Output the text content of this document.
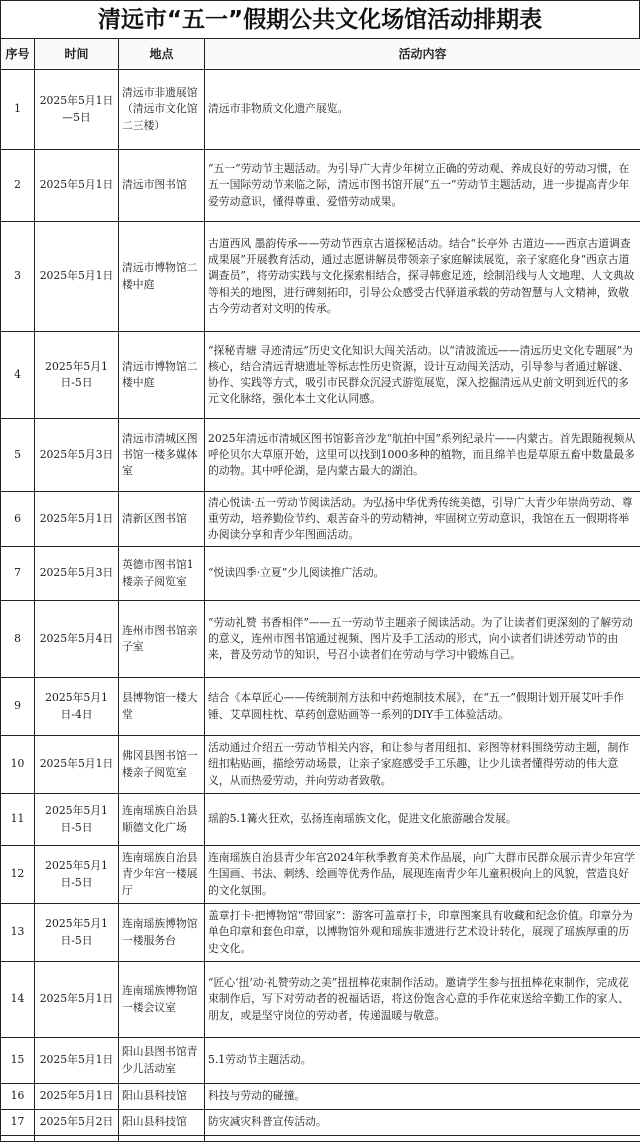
清远市“五一”假期公共文化场馆活动排期表
序号	时间	地点	活动内容
1	2025年5月1日—5日	清远市非遗展馆（清远市文化馆二三楼）	清远市非物质文化遗产展览。
2	2025年5月1日	清远市图书馆	“五一”劳动节主题活动。为引导广大青少年树立正确的劳动观、养成良好的劳动习惯，在五一国际劳动节来临之际，清远市图书馆开展“五一”劳动节主题活动，进一步提高青少年爱劳动意识，懂得尊重、爱惜劳动成果。
3	2025年5月1日	清远市博物馆二楼中庭	古道西风 墨韵传承——劳动节西京古道探秘活动。结合“长亭外 古道边——西京古道调查成果展”开展教育活动，通过志愿讲解员带领亲子家庭解读展览，亲子家庭化身“西京古道调查员”，将劳动实践与文化探索相结合，探寻韩愈足迹，绘制沿线与人文地理、人文典故等相关的地图，进行碑刻拓印，引导公众感受古代驿道承载的劳动智慧与人文精神，致敬古今劳动者对文明的传承。
4	2025年5月1日-5日	清远市博物馆二楼中庭	“探秘青塘 寻迹清远”历史文化知识大闯关活动。以“清波流远——清远历史文化专题展”为核心，结合清远青塘遗址等标志性历史资源，设计互动闯关活动，引导参与者通过解谜、协作、实践等方式，吸引市民群众沉浸式游览展览，深入挖掘清远从史前文明到近代的多元文化脉络，强化本土文化认同感。
5	2025年5月3日	清远市清城区图书馆一楼多媒体室	2025年清远市清城区图书馆影音沙龙“航拍中国”系列纪录片——内蒙古。首先跟随视频从呼伦贝尔大草原开始，这里可以找到1000多种的植物，而且绵羊也是草原五畜中数量最多的动物。其中呼伦湖，是内蒙古最大的湖泊。
6	2025年5月1日	清新区图书馆	清心悦读·五一劳动节阅读活动。为弘扬中华优秀传统美德，引导广大青少年崇尚劳动、尊重劳动，培养勤俭节约、艰苦奋斗的劳动精神，牢固树立劳动意识，我馆在五一假期将举办阅读分享和青少年图画活动。
7	2025年5月3日	英德市图书馆1楼亲子阅览室	“悦读四季·立夏”少儿阅读推广活动。
8	2025年5月4日	连州市图书馆亲子室	“劳动礼赞 书香相伴”——五一劳动节主题亲子阅读活动。为了让读者们更深刻的了解劳动的意义，连州市图书馆通过视频、图片及手工活动的形式，向小读者们讲述劳动节的由来，普及劳动节的知识，号召小读者们在劳动与学习中锻炼自己。
9	2025年5月1日-4日	县博物馆一楼大堂	结合《本草匠心——传统制剂方法和中药炮制技术展》，在“五一”假期计划开展艾叶手作锤、艾草圆柱枕、草药创意贴画等一系列的DIY手工体验活动。
10	2025年5月1日	佛冈县图书馆一楼亲子阅览室	活动通过介绍五一劳动节相关内容，和让参与者用纽扣、彩图等材料围绕劳动主题，制作纽扣粘贴画，描绘劳动场景，让亲子家庭感受手工乐趣，让少儿读者懂得劳动的伟大意义，从而热爱劳动，并向劳动者致敬。
11	2025年5月1日-5日	连南瑶族自治县顺德文化广场	瑶韵5.1篝火狂欢，弘扬连南瑶族文化，促进文化旅游融合发展。
12	2025年5月1日-5日	连南瑶族自治县青少年宫一楼展厅	连南瑶族自治县青少年宫2024年秋季教育美术作品展，向广大群市民群众展示青少年宫学生国画、书法、刺绣、绘画等优秀作品，展现连南青少年儿童积极向上的风貌，营造良好的文化氛围。
13	2025年5月1日-5日	连南瑶族博物馆一楼服务台	盖章打卡·把博物馆“带回家”：游客可盖章打卡，印章图案具有收藏和纪念价值。印章分为单色印章和套色印章，以博物馆外观和瑶族非遗进行艺术设计转化，展现了瑶族厚重的历史文化。
14	2025年5月1日	连南瑶族博物馆一楼会议室	“匠心‘扭’动·礼赞劳动之美”扭扭棒花束制作活动。邀请学生参与扭扭棒花束制作，完成花束制作后，写下对劳动者的祝福话语，将这份饱含心意的手作花束送给辛勤工作的家人、朋友，或是坚守岗位的劳动者，传递温暖与敬意。
15	2025年5月1日	阳山县图书馆青少儿活动室	5.1劳动节主题活动。
16	2025年5月1日	阳山县科技馆	科技与劳动的碰撞。
17	2025年5月2日	阳山县科技馆	防灾减灾科普宣传活动。
